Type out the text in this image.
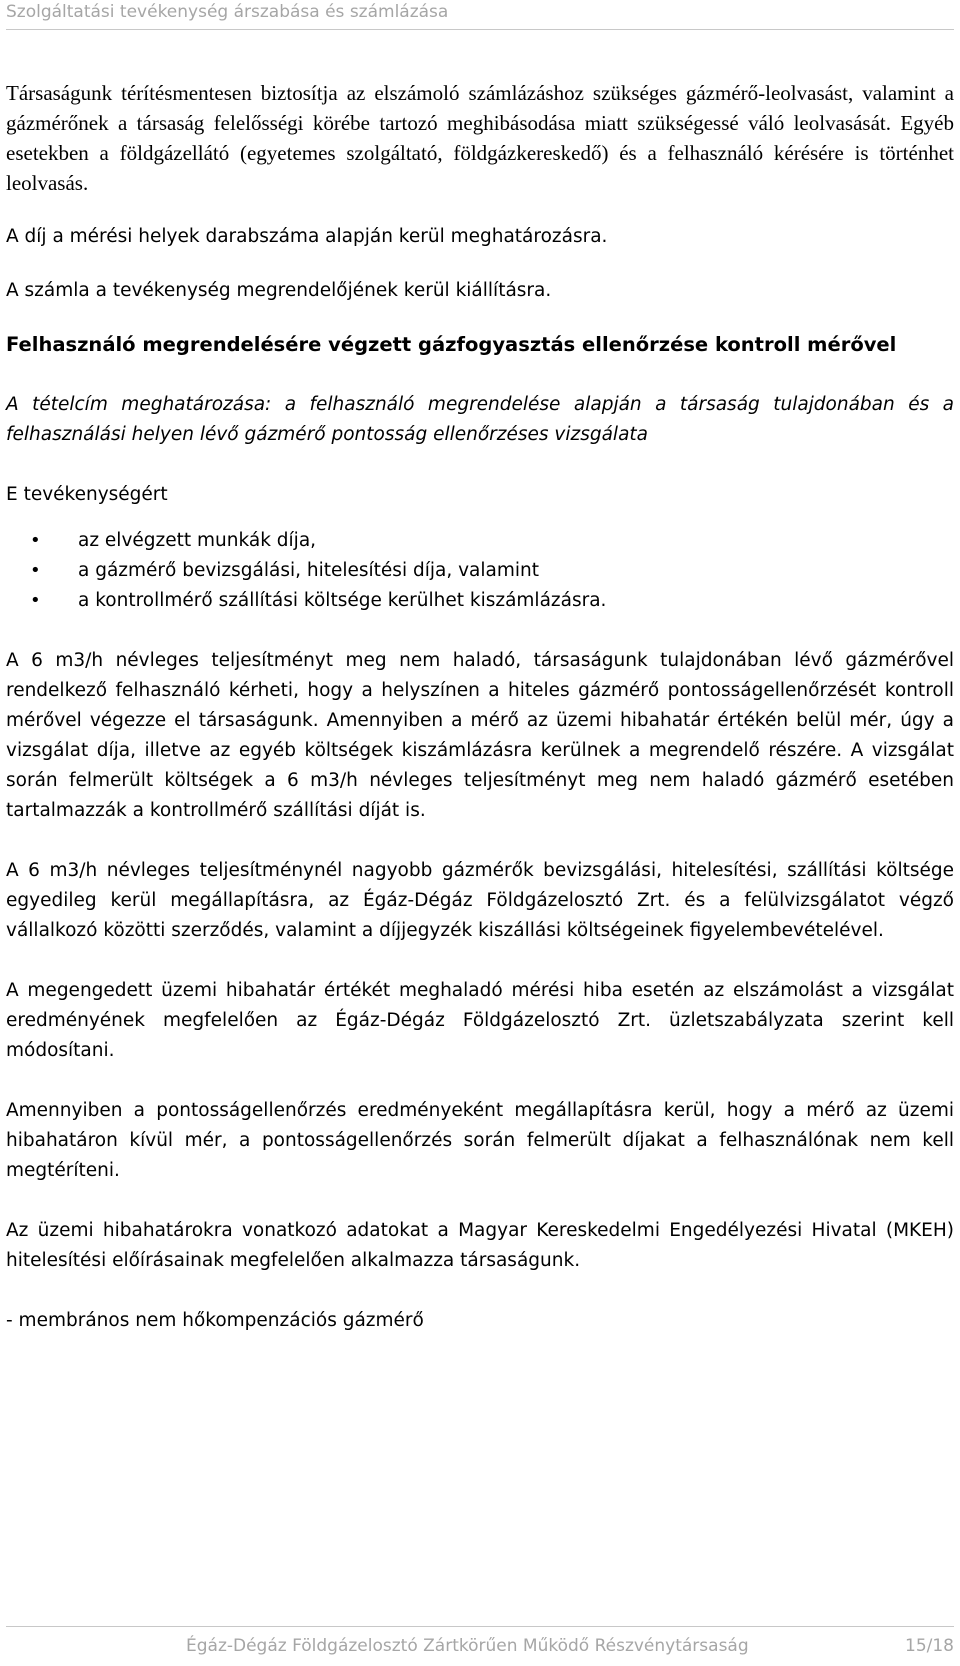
Szolgáltatási tevékenység árszabása és számlázása

Társaságunk térítésmentesen biztosítja az elszámoló számlázáshoz szükséges gázmérő-leolvasást, valamint a gázmérőnek a társaság felelősségi körébe tartozó meghibásodása miatt szükségessé váló leolvasását. Egyéb esetekben a földgázellátó (egyetemes szolgáltató, földgázkereskedő) és a felhasználó kérésére is történhet leolvasás.

A díj a mérési helyek darabszáma alapján kerül meghatározásra.

A számla a tevékenység megrendelőjének kerül kiállításra.

Felhasználó megrendelésére végzett gázfogyasztás ellenőrzése kontroll mérővel

A tételcím meghatározása: a felhasználó megrendelése alapján a társaság tulajdonában és a felhasználási helyen lévő gázmérő pontosság ellenőrzéses vizsgálata

E tevékenységért

• az elvégzett munkák díja,
• a gázmérő bevizsgálási, hitelesítési díja, valamint
• a kontrollmérő szállítási költsége kerülhet kiszámlázásra.

A 6 m3/h névleges teljesítményt meg nem haladó, társaságunk tulajdonában lévő gázmérővel rendelkező felhasználó kérheti, hogy a helyszínen a hiteles gázmérő pontosságellenőrzését kontroll mérővel végezze el társaságunk. Amennyiben a mérő az üzemi hibahatár értékén belül mér, úgy a vizsgálat díja, illetve az egyéb költségek kiszámlázásra kerülnek a megrendelő részére. A vizsgálat során felmerült költségek a 6 m3/h névleges teljesítményt meg nem haladó gázmérő esetében tartalmazzák a kontrollmérő szállítási díját is.

A 6 m3/h névleges teljesítménynél nagyobb gázmérők bevizsgálási, hitelesítési, szállítási költsége egyedileg kerül megállapításra, az Égáz-Dégáz Földgázelosztó Zrt. és a felülvizsgálatot végző vállalkozó közötti szerződés, valamint a díjjegyzék kiszállási költségeinek figyelembevételével.

A megengedett üzemi hibahatár értékét meghaladó mérési hiba esetén az elszámolást a vizsgálat eredményének megfelelően az Égáz-Dégáz Földgázelosztó Zrt. üzletszabályzata szerint kell módosítani.

Amennyiben a pontosságellenőrzés eredményeként megállapításra kerül, hogy a mérő az üzemi hibahatáron kívül mér, a pontosságellenőrzés során felmerült díjakat a felhasználónak nem kell megtéríteni.

Az üzemi hibahatárokra vonatkozó adatokat a Magyar Kereskedelmi Engedélyezési Hivatal (MKEH) hitelesítési előírásainak megfelelően alkalmazza társaságunk.

- membrános nem hőkompenzációs gázmérő

Égáz-Dégáz Földgázelosztó Zártkörűen Működő Részvénytársaság	15/18
